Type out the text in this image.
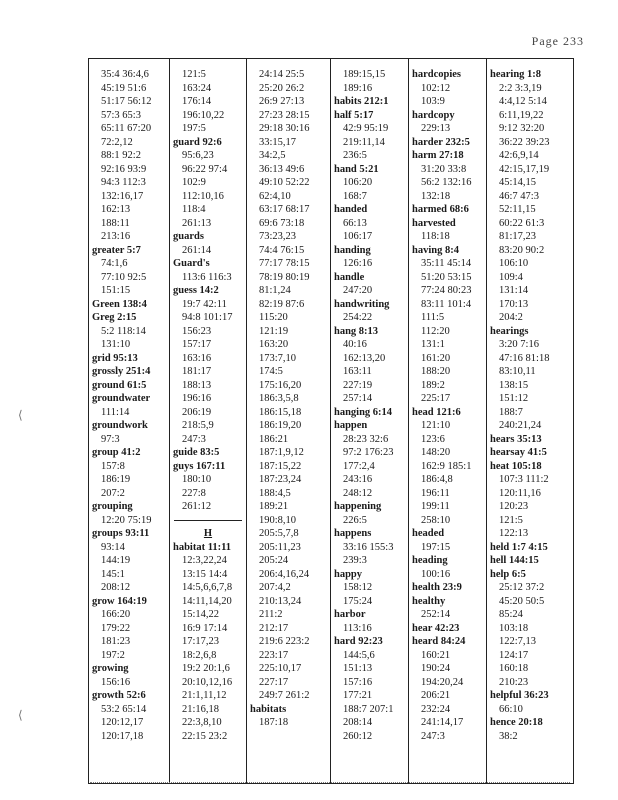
Page 233
⟨
⟨
35:4 36:4,6
45:19 51:6
51:17 56:12
57:3 65:3
65:11 67:20
72:2,12
88:1 92:2
92:16 93:9
94:3 112:3
132:16,17
162:13
188:11
213:16
greater 5:7
74:1,6
77:10 92:5
151:15
Green 138:4
Greg 2:15
5:2 118:14
131:10
grid 95:13
grossly 251:4
ground 61:5
groundwater
111:14
groundwork
97:3
group 41:2
157:8
186:19
207:2
grouping
12:20 75:19
groups 93:11
93:14
144:19
145:1
208:12
grow 164:19
166:20
179:22
181:23
197:2
growing
156:16
growth 52:6
53:2 65:14
120:12,17
120:17,18
121:5
163:24
176:14
196:10,22
197:5
guard 92:6
95:6,23
96:22 97:4
102:9
112:10,16
118:4
261:13
guards
261:14
Guard's
113:6 116:3
guess 14:2
19:7 42:11
94:8 101:17
156:23
157:17
163:16
181:17
188:13
196:16
206:19
218:5,9
247:3
guide 83:5
guys 167:11
180:10
227:8
261:12
H
habitat 11:11
12:3,22,24
13:15 14:4
14:5,6,6,7,8
14:11,14,20
15:14,22
16:9 17:14
17:17,23
18:2,6,8
19:2 20:1,6
20:10,12,16
21:1,11,12
21:16,18
22:3,8,10
22:15 23:2
24:14 25:5
25:20 26:2
26:9 27:13
27:23 28:15
29:18 30:16
33:15,17
34:2,5
36:13 49:6
49:10 52:22
62:4,10
63:17 68:17
69:6 73:18
73:23,23
74:4 76:15
77:17 78:15
78:19 80:19
81:1,24
82:19 87:6
115:20
121:19
163:20
173:7,10
174:5
175:16,20
186:3,5,8
186:15,18
186:19,20
186:21
187:1,9,12
187:15,22
187:23,24
188:4,5
189:21
190:8,10
205:5,7,8
205:11,23
205:24
206:4,16,24
207:4,2
210:13,24
211:2
212:17
219:6 223:2
223:17
225:10,17
227:17
249:7 261:2
habitats
187:18
189:15,15
189:16
habits 212:1
half 5:17
42:9 95:19
219:11,14
236:5
hand 5:21
106:20
168:7
handed
66:13
106:17
handing
126:16
handle
247:20
handwriting
254:22
hang 8:13
40:16
162:13,20
163:11
227:19
257:14
hanging 6:14
happen
28:23 32:6
97:2 176:23
177:2,4
243:16
248:12
happening
226:5
happens
33:16 155:3
239:3
happy
158:12
175:24
harbor
113:16
hard 92:23
144:5,6
151:13
157:16
177:21
188:7 207:1
208:14
260:12
hardcopies
102:12
103:9
hardcopy
229:13
harder 232:5
harm 27:18
31:20 33:8
56:2 132:16
132:18
harmed 68:6
harvested
118:18
having 8:4
35:11 45:14
51:20 53:15
77:24 80:23
83:11 101:4
111:5
112:20
131:1
161:20
188:20
189:2
225:17
head 121:6
121:10
123:6
148:20
162:9 185:1
186:4,8
196:11
199:11
258:10
headed
197:15
heading
100:16
health 23:9
healthy
252:14
hear 42:23
heard 84:24
160:21
190:24
194:20,24
206:21
232:24
241:14,17
247:3
hearing 1:8
2:2 3:3,19
4:4,12 5:14
6:11,19,22
9:12 32:20
36:22 39:23
42:6,9,14
42:15,17,19
45:14,15
46:7 47:3
52:11,15
60:22 61:3
81:17,23
83:20 90:2
106:10
109:4
131:14
170:13
204:2
hearings
3:20 7:16
47:16 81:18
83:10,11
138:15
151:12
188:7
240:21,24
hears 35:13
hearsay 41:5
heat 105:18
107:3 111:2
120:11,16
120:23
121:5
122:13
held 1:7 4:15
hell 144:15
help 6:5
25:12 37:2
45:20 50:5
85:24
103:18
122:7,13
124:17
160:18
210:23
helpful 36:23
66:10
hence 20:18
38:2
